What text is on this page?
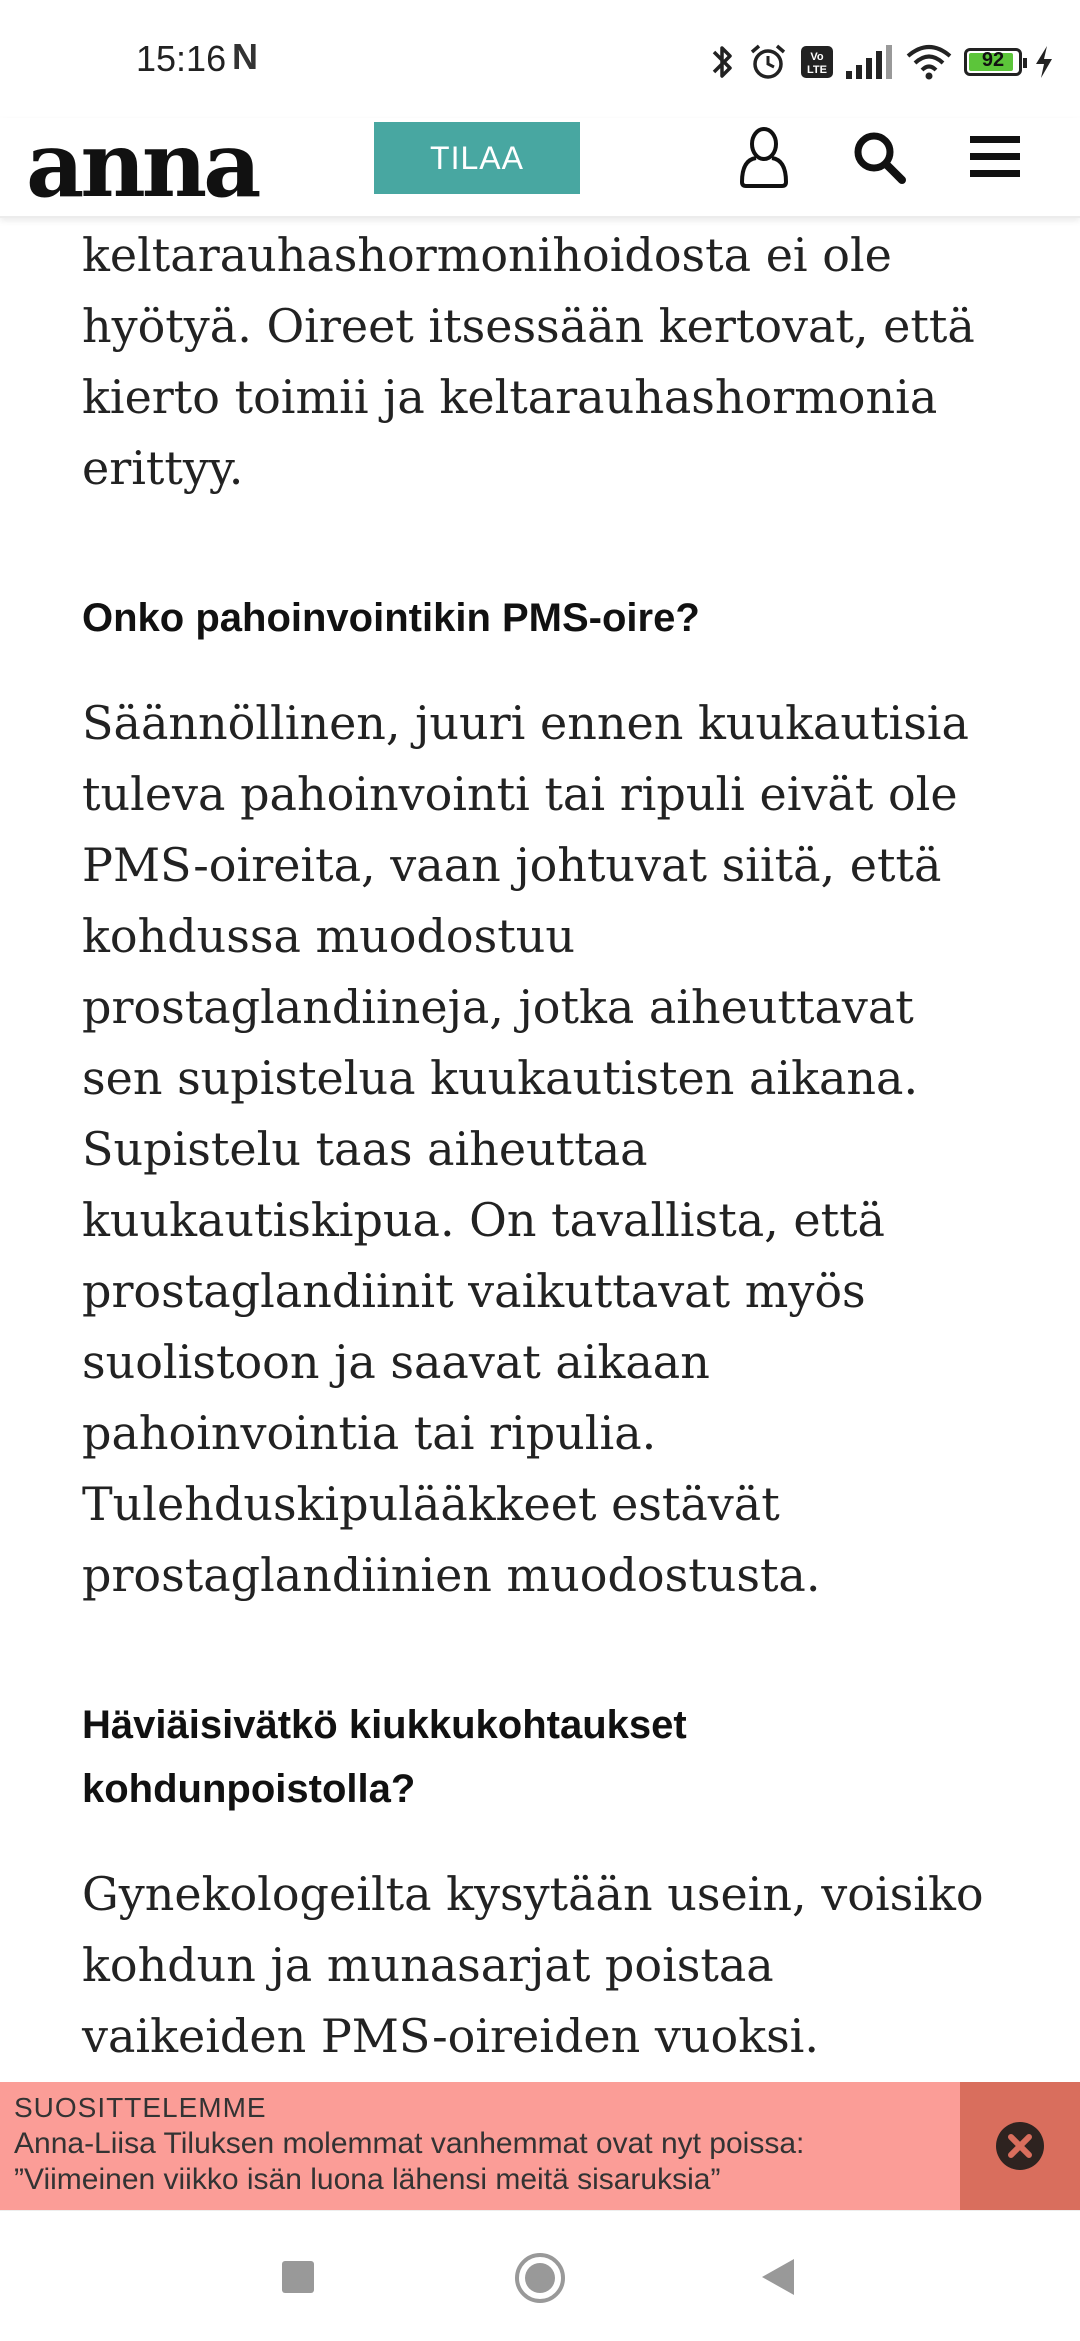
15:16 N	Vo
LTE	92
anna	TILAA

keltarauhashormonihoidosta ei ole
hyötyä. Oireet itsessään kertovat, että
kierto toimii ja keltarauhashormonia
erittyy.

Onko pahoinvointikin PMS-oire?

Säännöllinen, juuri ennen kuukautisia
tuleva pahoinvointi tai ripuli eivät ole
PMS-oireita, vaan johtuvat siitä, että
kohdussa muodostuu
prostaglandiineja, jotka aiheuttavat
sen supistelua kuukautisten aikana.
Supistelu taas aiheuttaa
kuukautiskipua. On tavallista, että
prostaglandiinit vaikuttavat myös
suolistoon ja saavat aikaan
pahoinvointia tai ripulia.
Tulehduskipulääkkeet estävät
prostaglandiinien muodostusta.

Häviäisivätkö kiukkukohtaukset
kohdunpoistolla?

Gynekologeilta kysytään usein, voisiko
kohdun ja munasarjat poistaa
vaikeiden PMS-oireiden vuoksi.

SUOSITTELEMME
Anna-Liisa Tiluksen molemmat vanhemmat ovat nyt poissa:
”Viimeinen viikko isän luona lähensi meitä sisaruksia”
